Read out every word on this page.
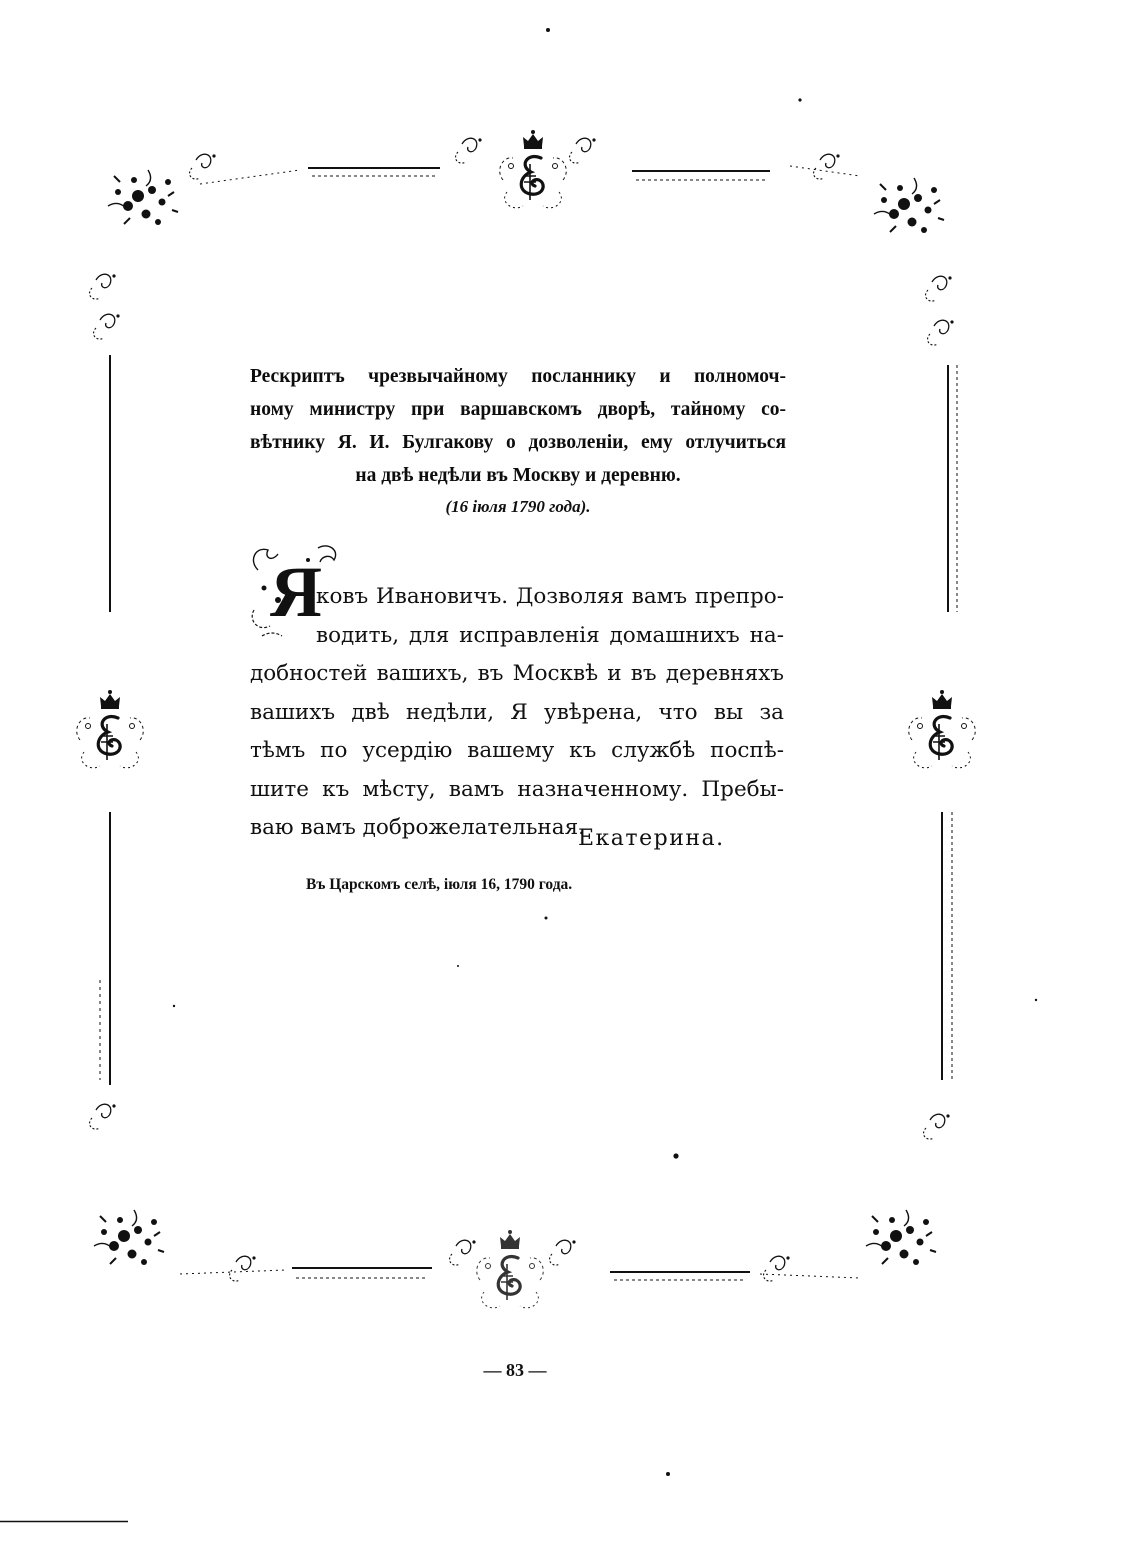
Рескриптъ чрезвычайному посланнику и полномоч-
ному министру при варшавскомъ дворѣ, тайному со-
вѣтнику Я. И. Булгакову о дозволеніи, ему отлучиться
на двѣ недѣли въ Москву и деревню.
(16 іюля 1790 года).
Я
ковъ Ивановичъ. Дозволяя вамъ препро-
водить, для исправленія домашнихъ на-
добностей вашихъ, въ Москвѣ и въ деревняхъ
вашихъ двѣ недѣли, Я увѣрена, что вы за
тѣмъ по усердію вашему къ службѣ поспѣ-
шите къ мѣсту, вамъ назначенному. Пребы-
ваю вамъ доброжелательная.
Екатерина.
Въ Царскомъ селѣ, іюля 16, 1790 года.
— 83 —
